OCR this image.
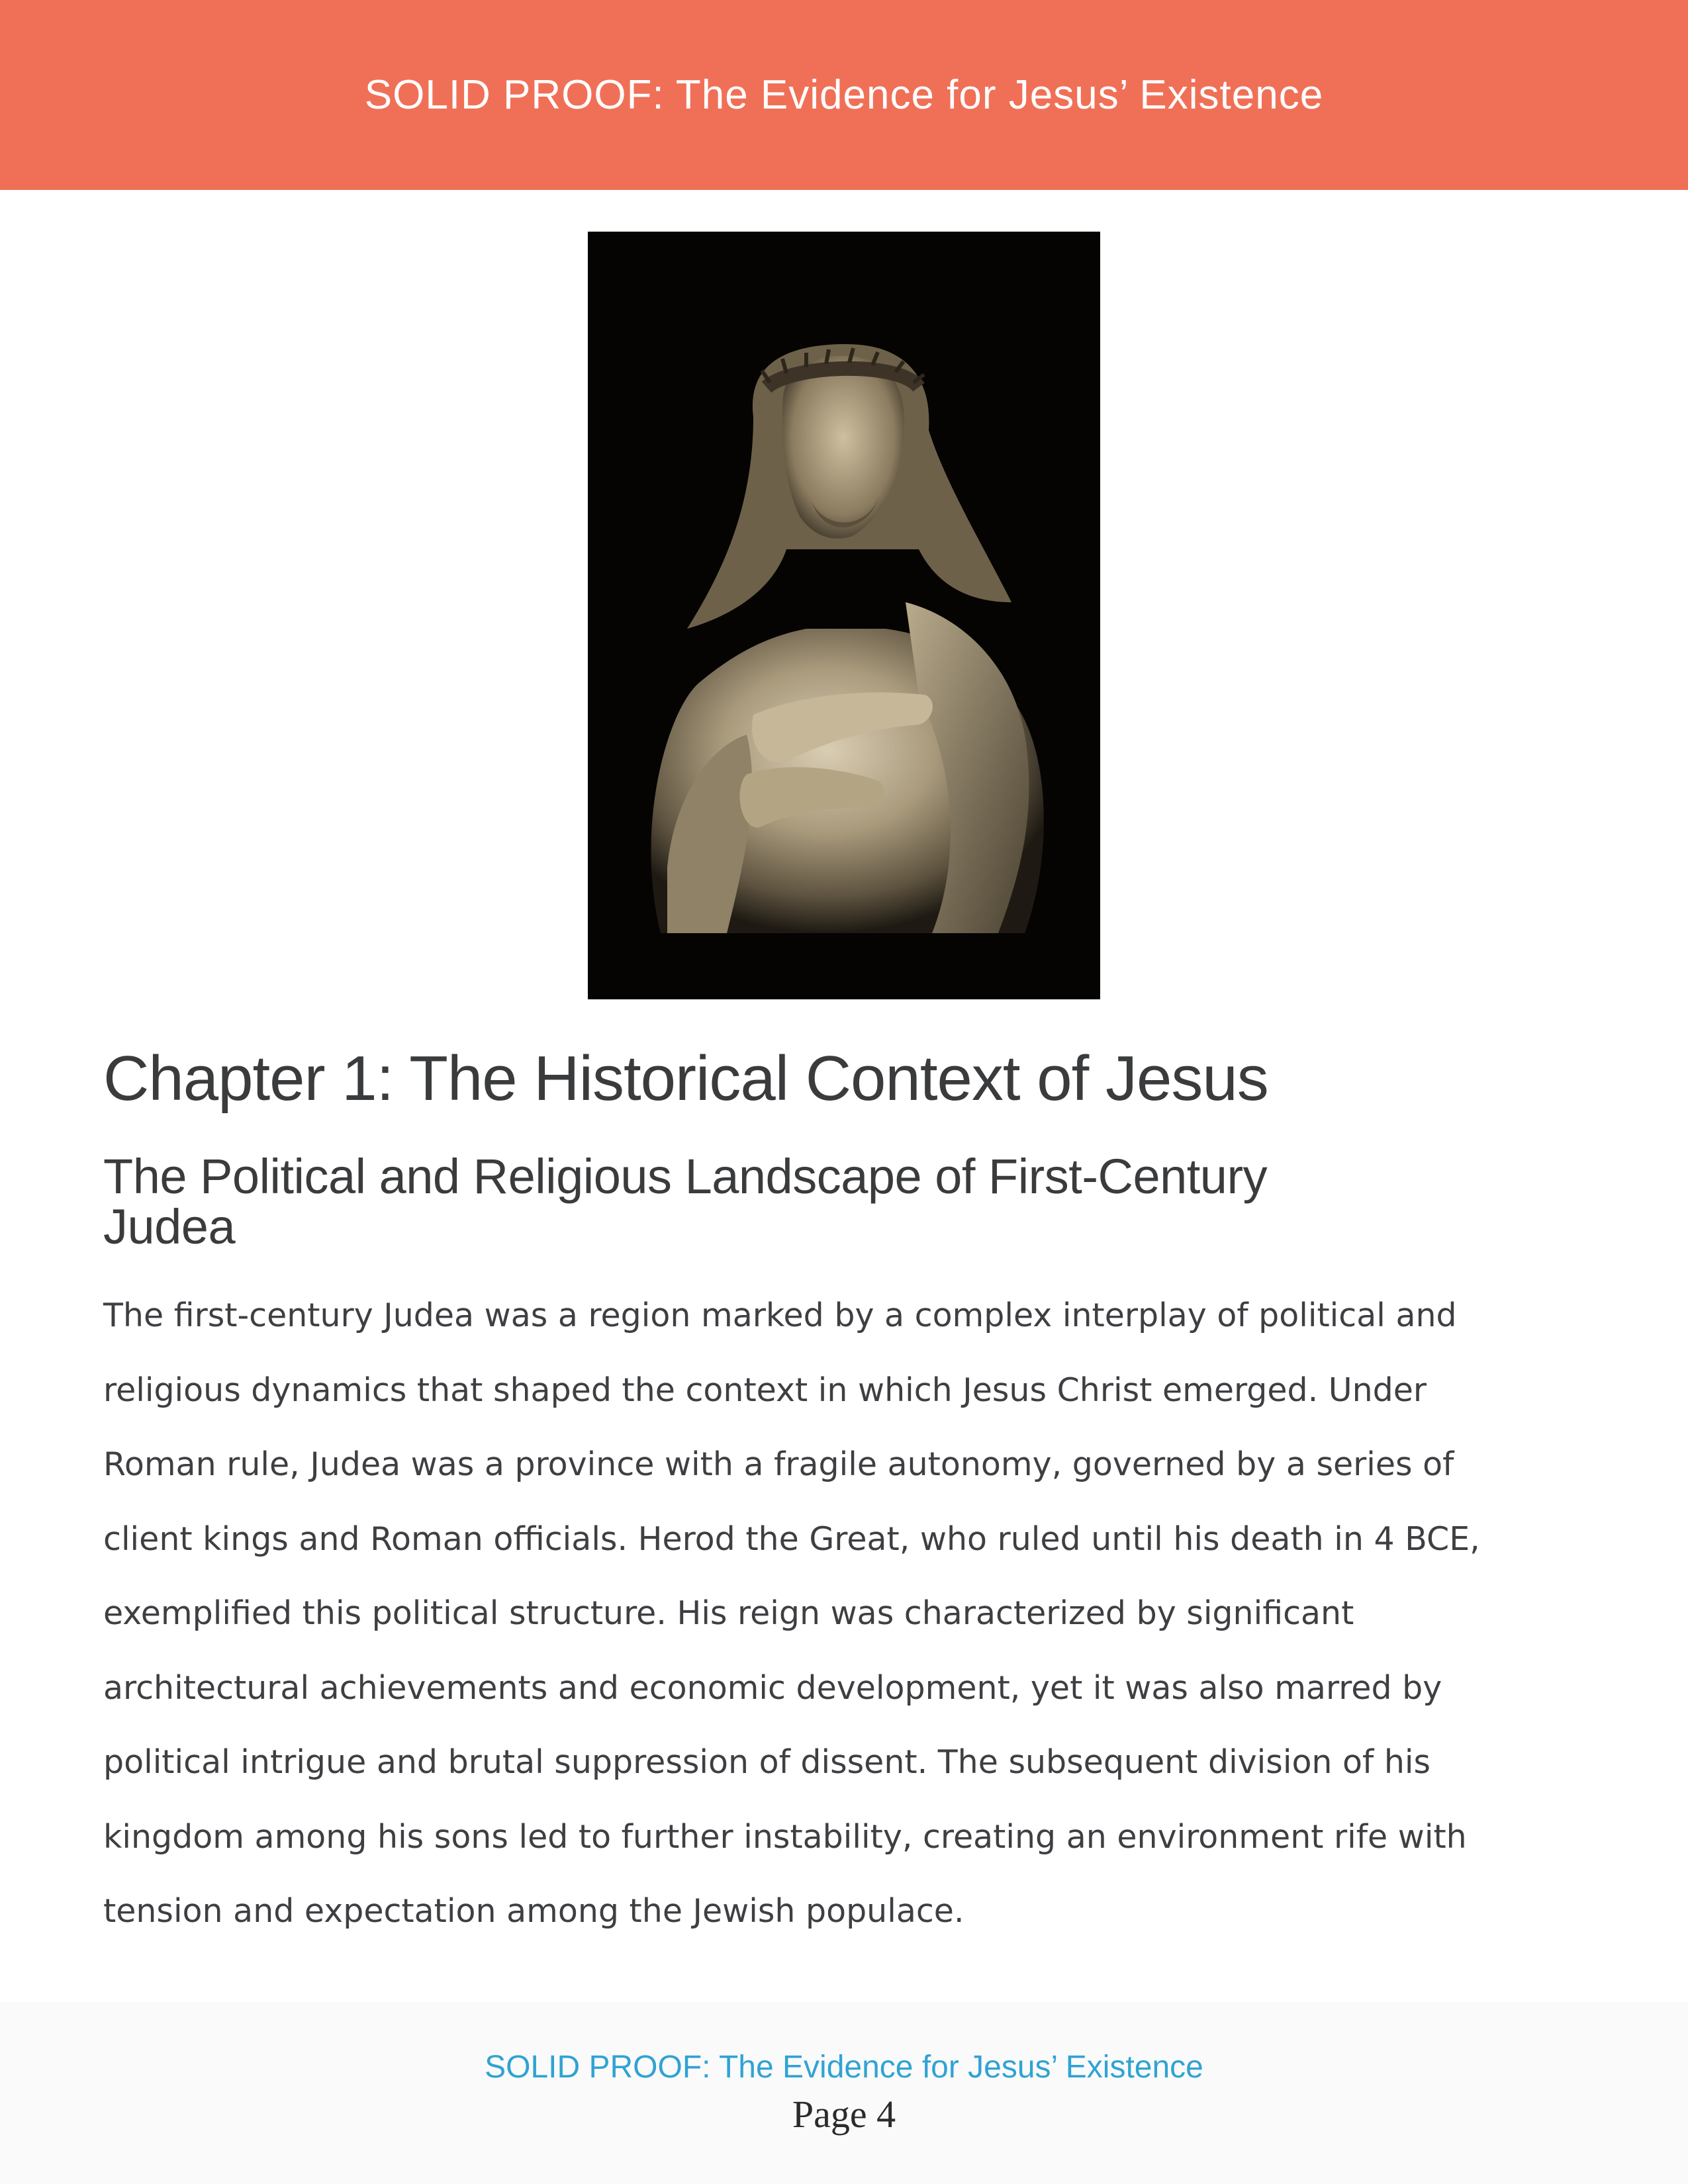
SOLID PROOF: The Evidence for Jesus’ Existence
Chapter 1: The Historical Context of Jesus
The Political and Religious Landscape of First-Century
Judea
The first-century Judea was a region marked by a complex interplay of political and
religious dynamics that shaped the context in which Jesus Christ emerged. Under
Roman rule, Judea was a province with a fragile autonomy, governed by a series of
client kings and Roman officials. Herod the Great, who ruled until his death in 4 BCE,
exemplified this political structure. His reign was characterized by significant
architectural achievements and economic development, yet it was also marred by
political intrigue and brutal suppression of dissent. The subsequent division of his
kingdom among his sons led to further instability, creating an environment rife with
tension and expectation among the Jewish populace.
SOLID PROOF: The Evidence for Jesus’ Existence
Page 4
